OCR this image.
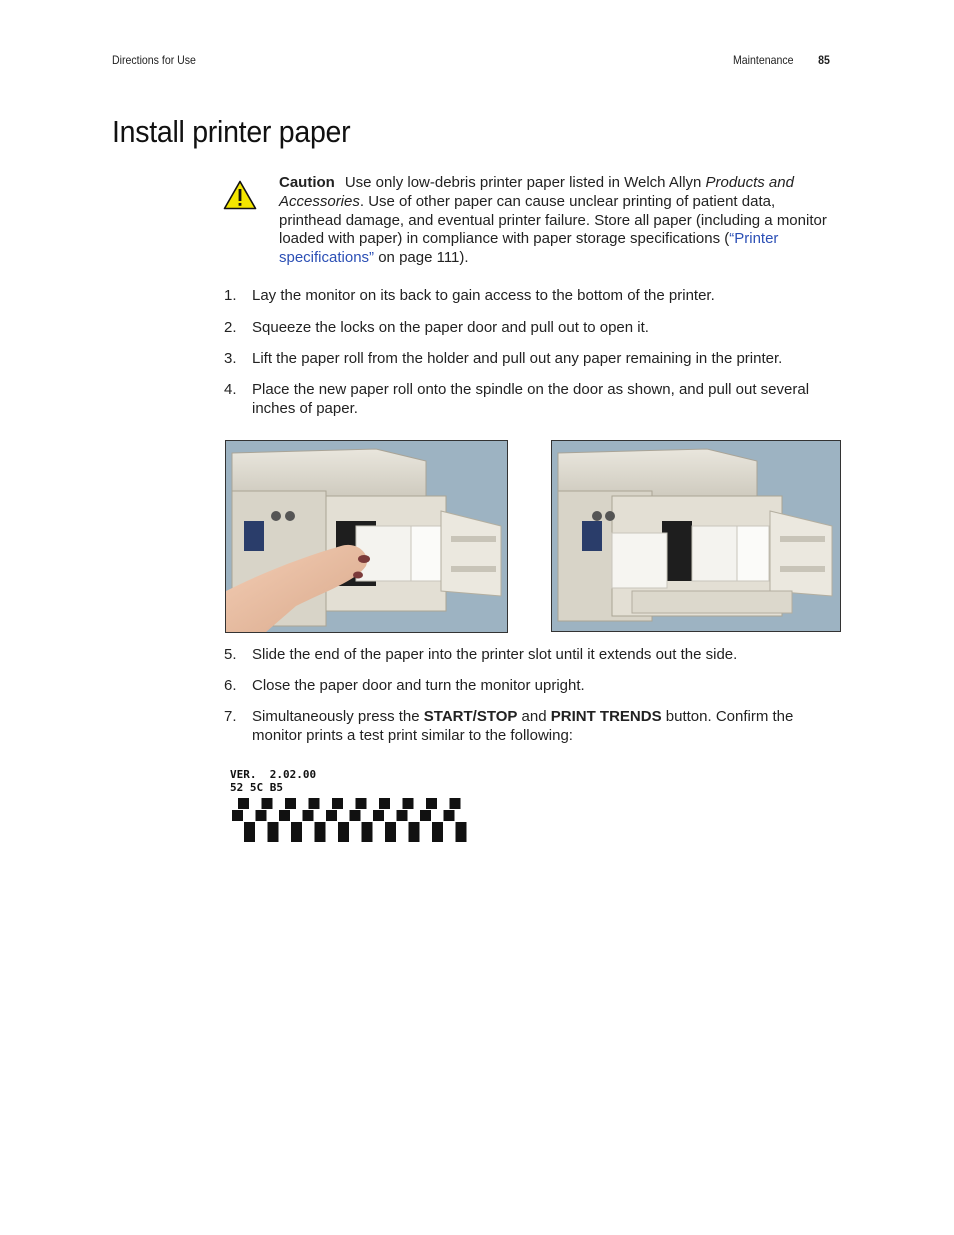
Directions for Use	Maintenance 85
Install printer paper
Caution Use only low-debris printer paper listed in Welch Allyn Products and Accessories. Use of other paper can cause unclear printing of patient data, printhead damage, and eventual printer failure. Store all paper (including a monitor loaded with paper) in compliance with paper storage specifications (“Printer specifications” on page 111).
1. Lay the monitor on its back to gain access to the bottom of the printer.
2. Squeeze the locks on the paper door and pull out to open it.
3. Lift the paper roll from the holder and pull out any paper remaining in the printer.
4. Place the new paper roll onto the spindle on the door as shown, and pull out several inches of paper.
5. Slide the end of the paper into the printer slot until it extends out the side.
6. Close the paper door and turn the monitor upright.
7. Simultaneously press the START/STOP and PRINT TRENDS button. Confirm the monitor prints a test print similar to the following:
VER.  2.02.00
52 5C B5
